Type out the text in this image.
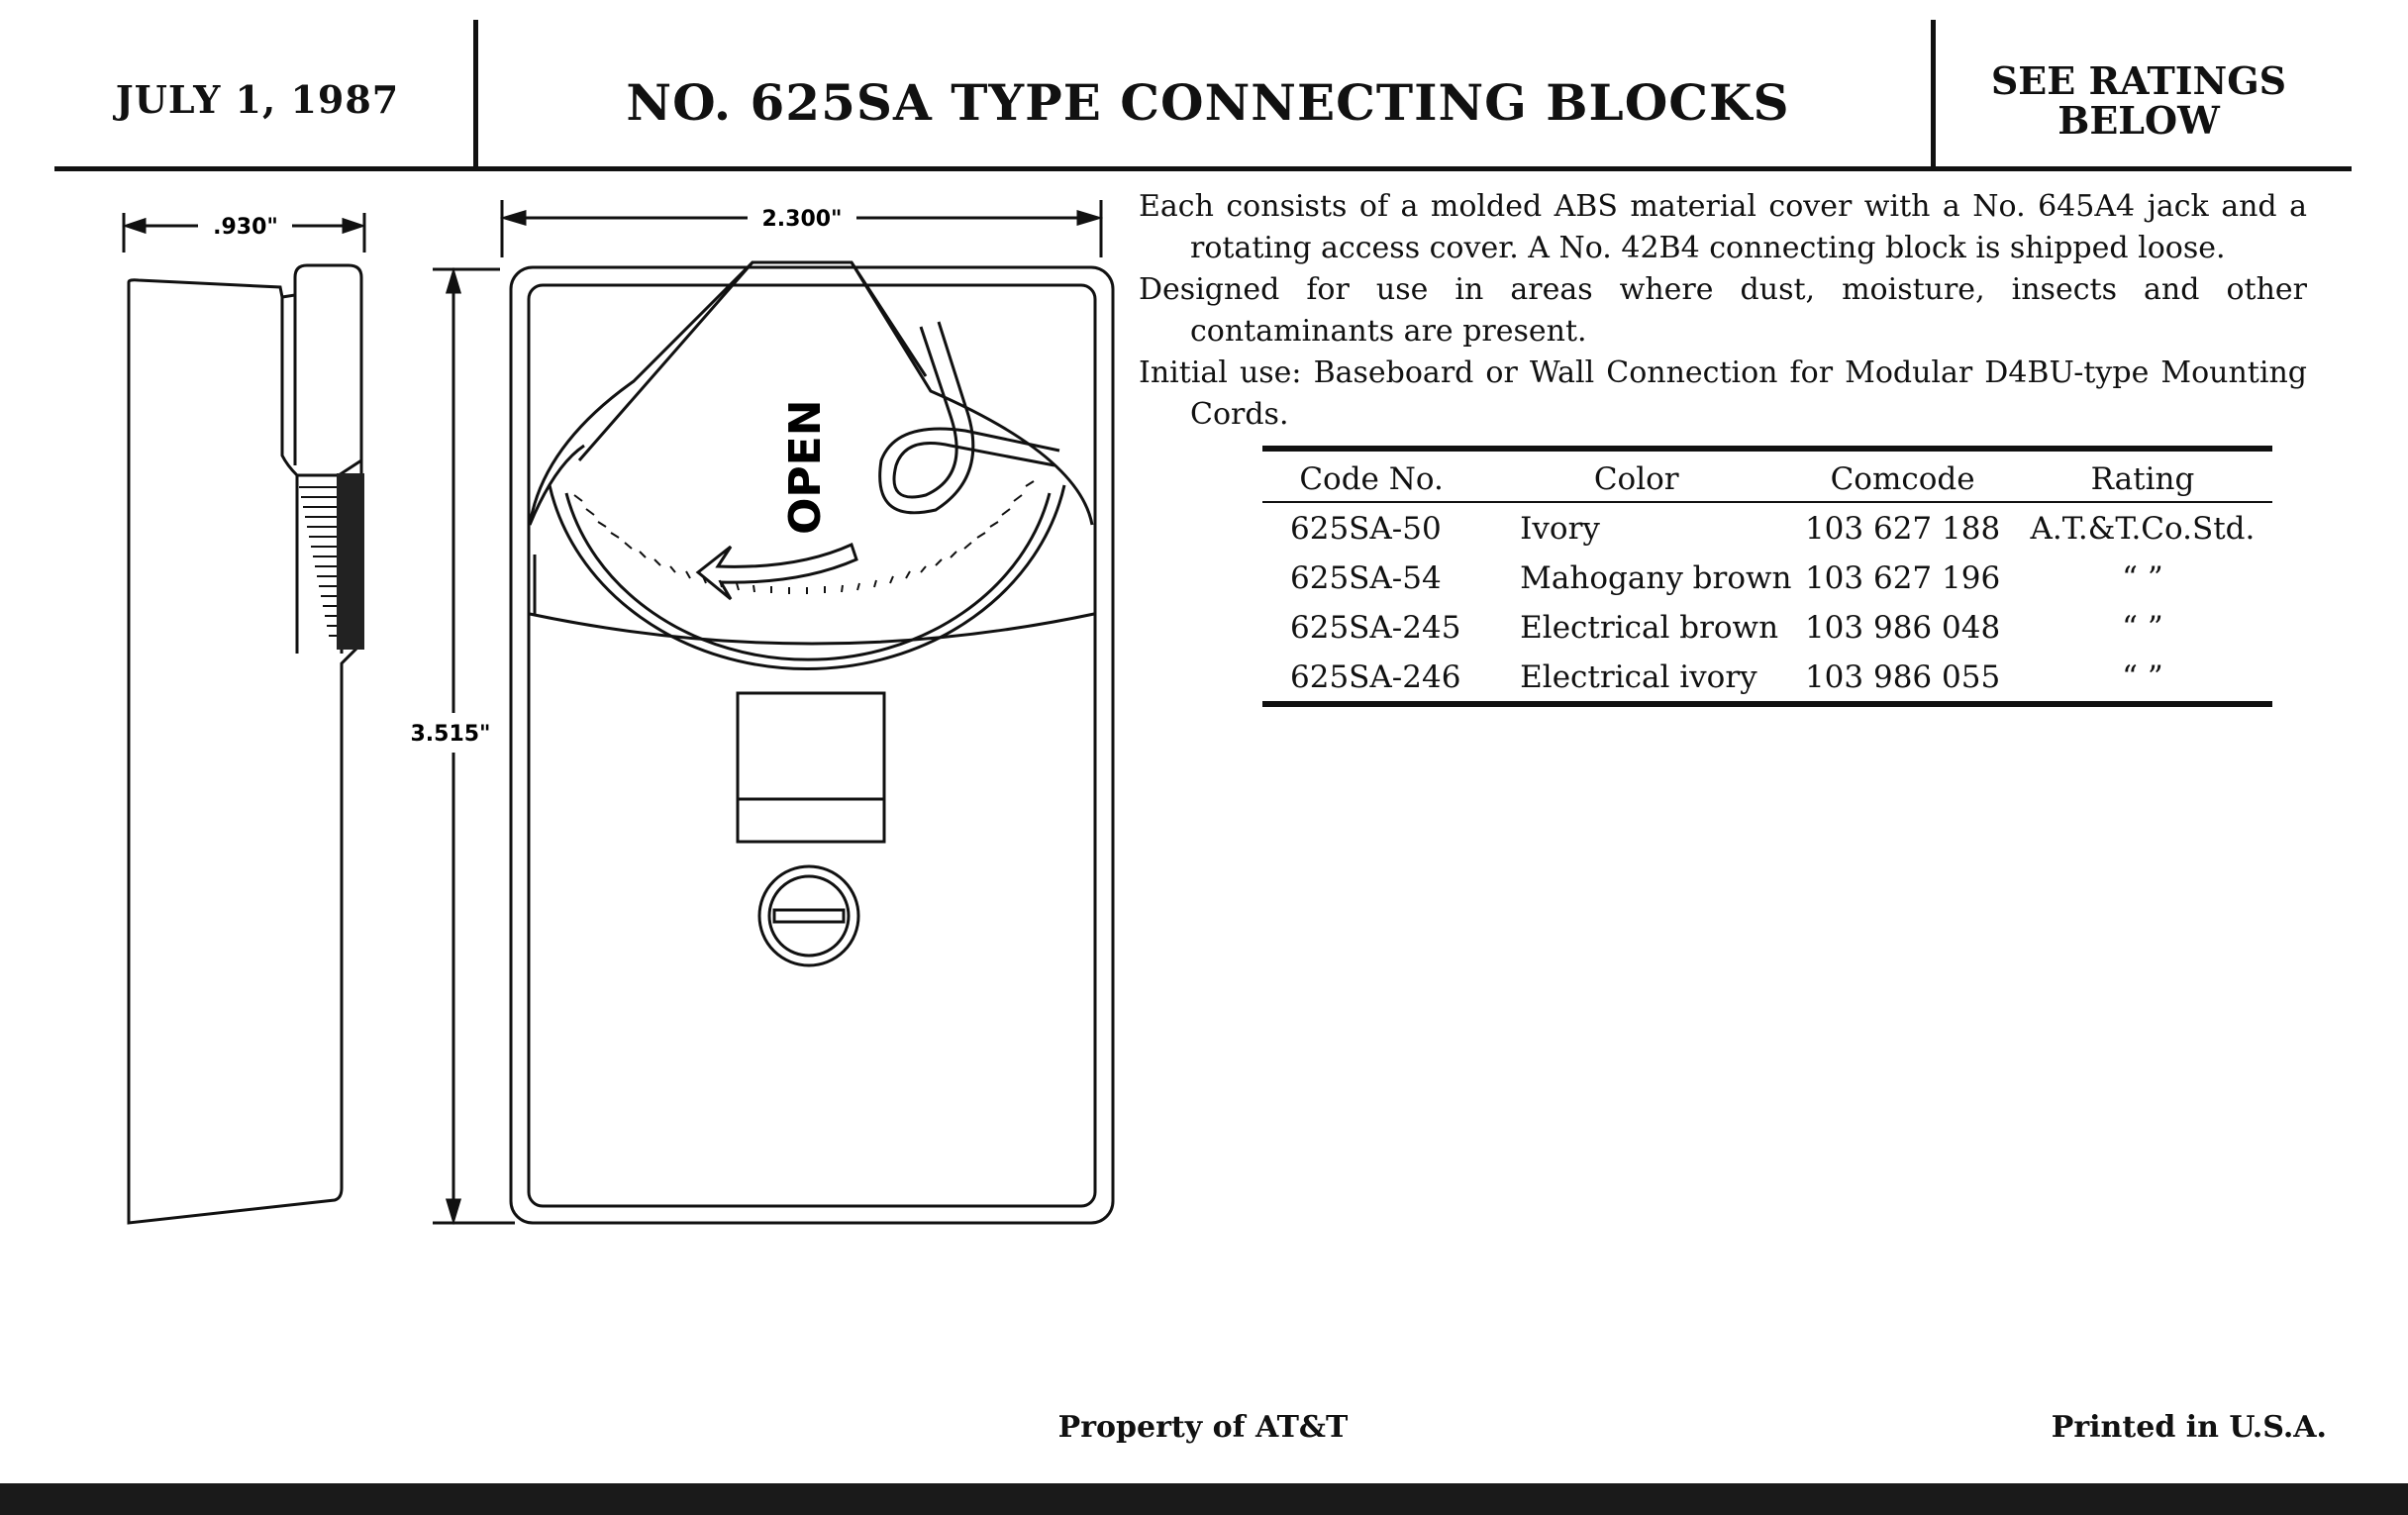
JULY 1, 1987	NO. 625SA TYPE CONNECTING BLOCKS	SEE RATINGS BELOW
.930"	2.300"
3.515"
OPEN

Each consists of a molded ABS material cover with a No. 645A4 jack and a rotating access cover. A No. 42B4 connecting block is shipped loose.

Designed for use in areas where dust, moisture, insects and other contaminants are present.

Initial use: Baseboard or Wall Connection for Modular D4BU-type Mounting Cords.

Code No.	Color	Comcode	Rating
625SA-50	Ivory	103 627 188	A.T.&T.Co.Std.
625SA-54	Mahogany brown	103 627 196	“ ”
625SA-245	Electrical brown	103 986 048	“ ”
625SA-246	Electrical ivory	103 986 055	“ ”
Property of AT&T	Printed in U.S.A.
